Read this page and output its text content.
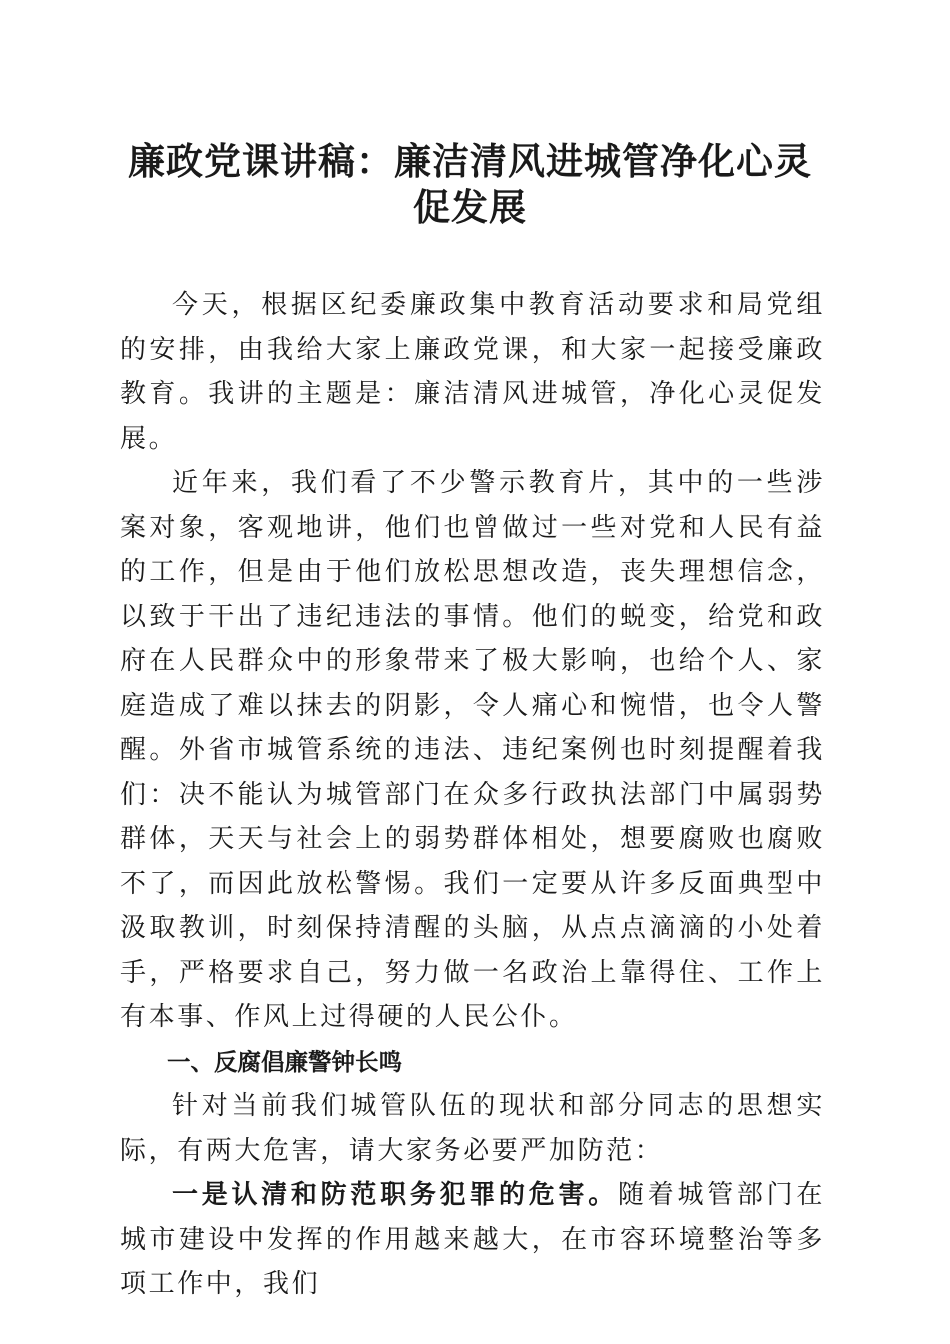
廉政党课讲稿：廉洁清风进城管净化心灵促发展

今天，根据区纪委廉政集中教育活动要求和局党组的安排，由我给大家上廉政党课，和大家一起接受廉政教育。我讲的主题是：廉洁清风进城管，净化心灵促发展。

近年来，我们看了不少警示教育片，其中的一些涉案对象，客观地讲，他们也曾做过一些对党和人民有益的工作，但是由于他们放松思想改造，丧失理想信念，以致于干出了违纪违法的事情。他们的蜕变，给党和政府在人民群众中的形象带来了极大影响，也给个人、家庭造成了难以抹去的阴影，令人痛心和惋惜，也令人警醒。外省市城管系统的违法、违纪案例也时刻提醒着我们：决不能认为城管部门在众多行政执法部门中属弱势群体，天天与社会上的弱势群体相处，想要腐败也腐败不了，而因此放松警惕。我们一定要从许多反面典型中汲取教训，时刻保持清醒的头脑，从点点滴滴的小处着手，严格要求自己，努力做一名政治上靠得住、工作上有本事、作风上过得硬的人民公仆。

一、反腐倡廉警钟长鸣

针对当前我们城管队伍的现状和部分同志的思想实际，有两大危害，请大家务必要严加防范：

一是认清和防范职务犯罪的危害。随着城管部门在城市建设中发挥的作用越来越大，在市容环境整治等多项工作中，我们
